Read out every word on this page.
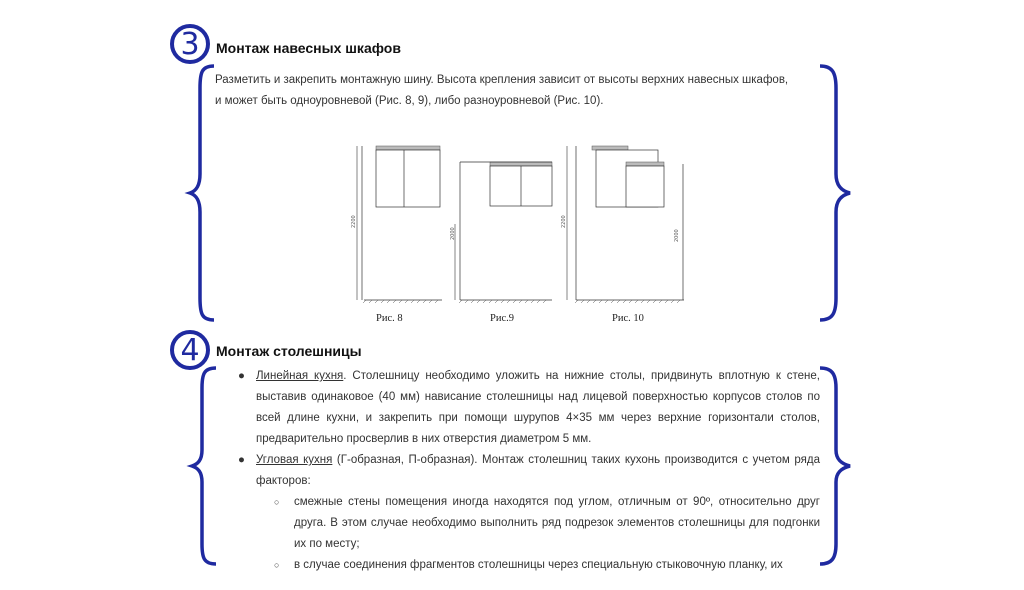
3 Монтаж навесных шкафов
Разметить и закрепить монтажную шину. Высота крепления зависит от высоты верхних навесных шкафов,
и может быть одноуровневой (Рис. 8, 9), либо разноуровневой (Рис. 10).
2200
Рис. 8
2000
Рис.9
2200
2000
Рис. 10
4 Монтаж столешницы
● Линейная кухня. Столешницу необходимо уложить на нижние столы, придвинуть вплотную к стене, выставив одинаковое (40 мм) нависание столешницы над лицевой поверхностью корпусов столов по всей длине кухни, и закрепить при помощи шурупов 4×35 мм через верхние горизонтали столов, предварительно просверлив в них отверстия диаметром 5 мм.
● Угловая кухня (Г-образная, П-образная). Монтаж столешниц таких кухонь производится с учетом ряда факторов:
○ смежные стены помещения иногда находятся под углом, отличным от 90º, относительно друг друга. В этом случае необходимо выполнить ряд подрезок элементов столешницы для подгонки их по месту;
○ в случае соединения фрагментов столешницы через специальную стыковочную планку, их
